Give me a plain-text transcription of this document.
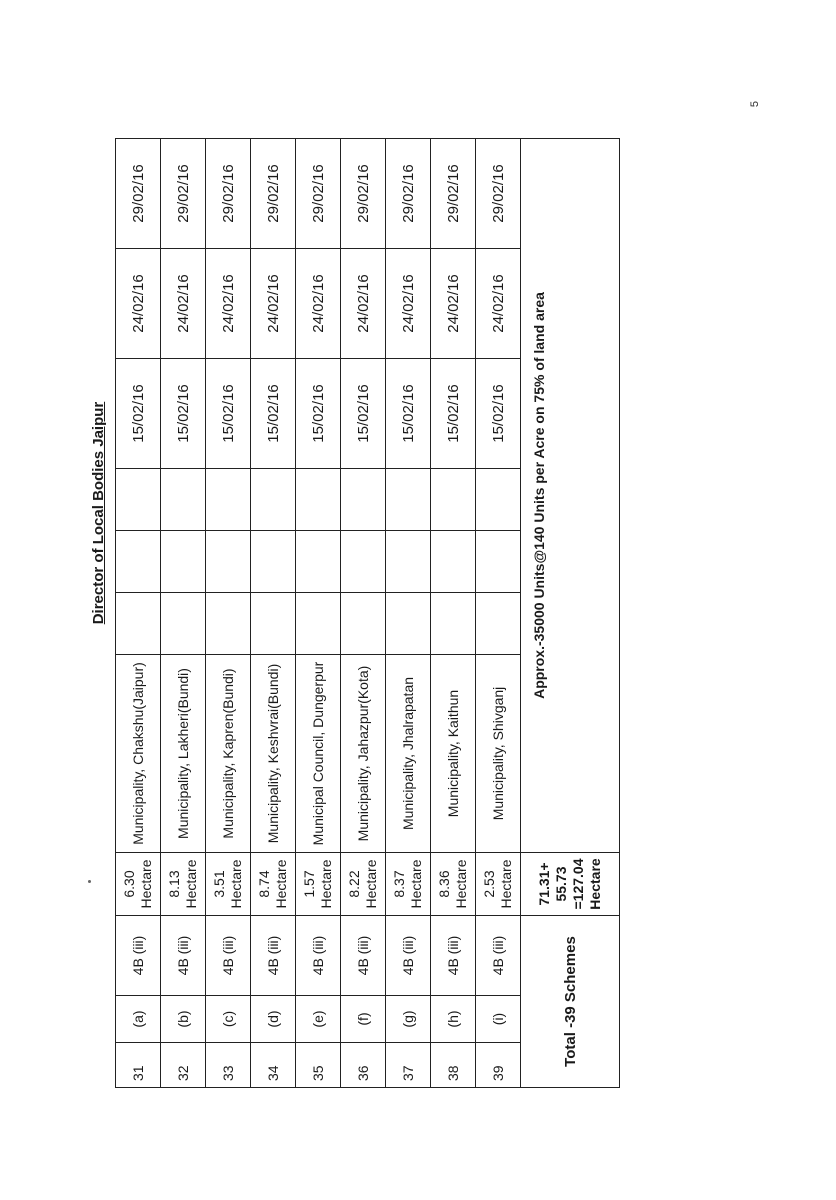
5
Director of Local Bodies Jaipur
31	(a)	4B (iii)	6.30 Hectare	Municipality, Chakshu(Jaipur)				15/02/16	24/02/16	29/02/16
32	(b)	4B (iii)	8.13 Hectare	Municipality, Lakheri(Bundi)				15/02/16	24/02/16	29/02/16
33	(c)	4B (iii)	3.51 Hectare	Municipality, Kapren(Bundi)				15/02/16	24/02/16	29/02/16
34	(d)	4B (iii)	8.74 Hectare	Municipality, Keshvrai(Bundi)				15/02/16	24/02/16	29/02/16
35	(e)	4B (iii)	1.57 Hectare	Municipal Council, Dungerpur				15/02/16	24/02/16	29/02/16
36	(f)	4B (iii)	8.22 Hectare	Municipality, Jahazpur(Kota)				15/02/16	24/02/16	29/02/16
37	(g)	4B (iii)	8.37 Hectare	Municipality, Jhalrapatan				15/02/16	24/02/16	29/02/16
38	(h)	4B (iii)	8.36 Hectare	Municipality, Kaithun				15/02/16	24/02/16	29/02/16
39	(i)	4B (iii)	2.53 Hectare	Municipality, Shivganj				15/02/16	24/02/16	29/02/16
Total -39 Schemes			71.31+ 55.73 =127.04 Hectare	Approx.-35000 Units@140 Units per Acre on 75% of land area						
